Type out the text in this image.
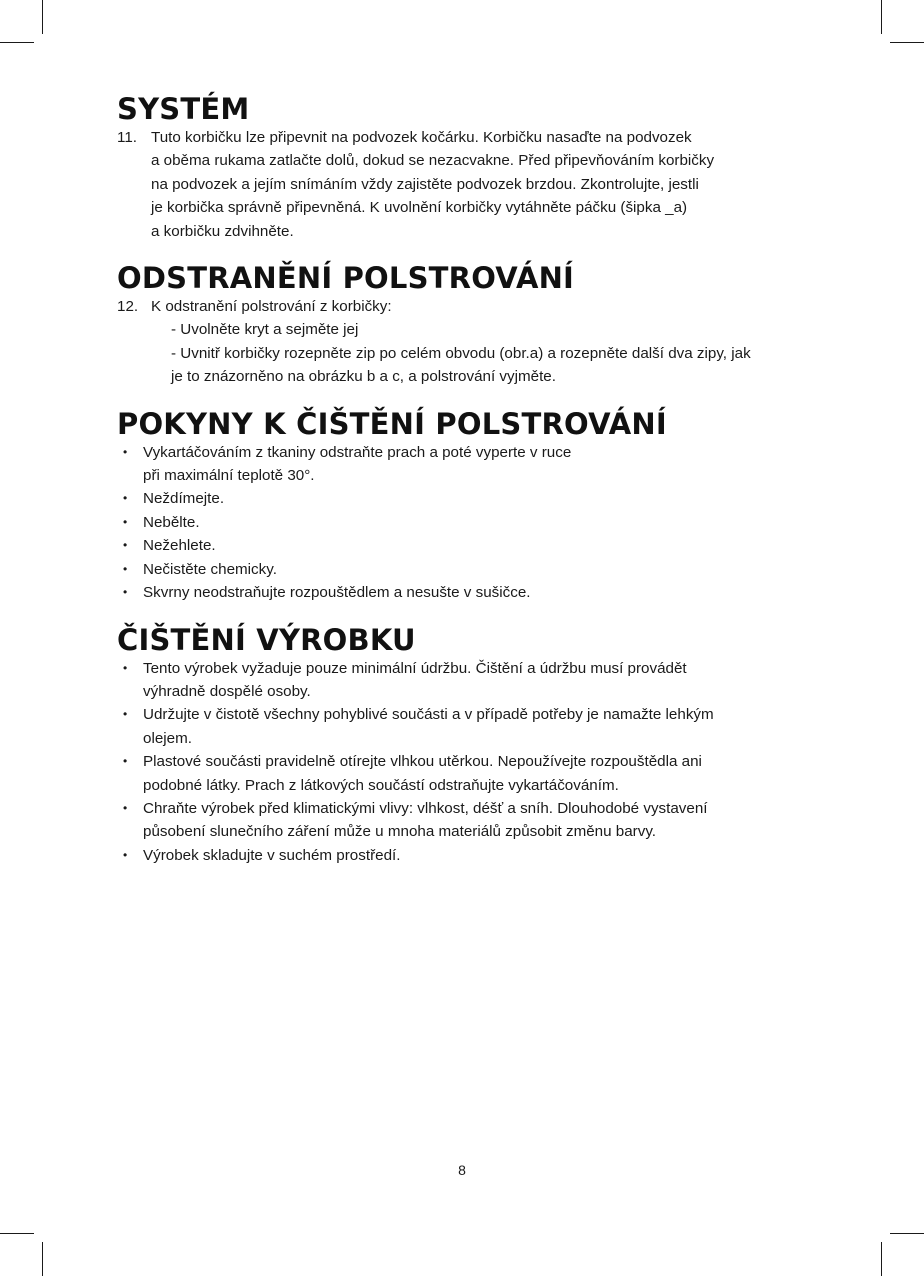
SYSTÉM
11. Tuto korbičku lze připevnit na podvozek kočárku. Korbičku nasaďte na podvozek
a oběma rukama zatlačte dolů, dokud se nezacvakne. Před připevňováním korbičky
na podvozek a jejím snímáním vždy zajistěte podvozek brzdou. Zkontrolujte, jestli
je korbička správně připevněná. K uvolnění korbičky vytáhněte páčku (šipka _a)
a korbičku zdvihněte.
ODSTRANĚNÍ POLSTROVÁNÍ
12. K odstranění polstrování z korbičky:
- Uvolněte kryt a sejměte jej
- Uvnitř korbičky rozepněte zip po celém obvodu (obr.a) a rozepněte další dva zipy, jak
je to znázorněno na obrázku b a c, a polstrování vyjměte.
POKYNY K ČIŠTĚNÍ POLSTROVÁNÍ
•	Vykartáčováním z tkaniny odstraňte prach a poté vyperte v ruce
při maximální teplotě 30°.
•	Neždímejte.
•	Nebělte.
•	Nežehlete.
•	Nečistěte chemicky.
•	Skvrny neodstraňujte rozpouštědlem a nesušte v sušičce.
ČIŠTĚNÍ VÝROBKU
•	Tento výrobek vyžaduje pouze minimální údržbu. Čištění a údržbu musí provádět
výhradně dospělé osoby.
•	Udržujte v čistotě všechny pohyblivé součásti a v případě potřeby je namažte lehkým
olejem.
•	Plastové součásti pravidelně otírejte vlhkou utěrkou. Nepoužívejte rozpouštědla ani
podobné látky. Prach z látkových součástí odstraňujte vykartáčováním.
•	Chraňte výrobek před klimatickými vlivy: vlhkost, déšť a sníh. Dlouhodobé vystavení
působení slunečního záření může u mnoha materiálů způsobit změnu barvy.
•	Výrobek skladujte v suchém prostředí.
8
